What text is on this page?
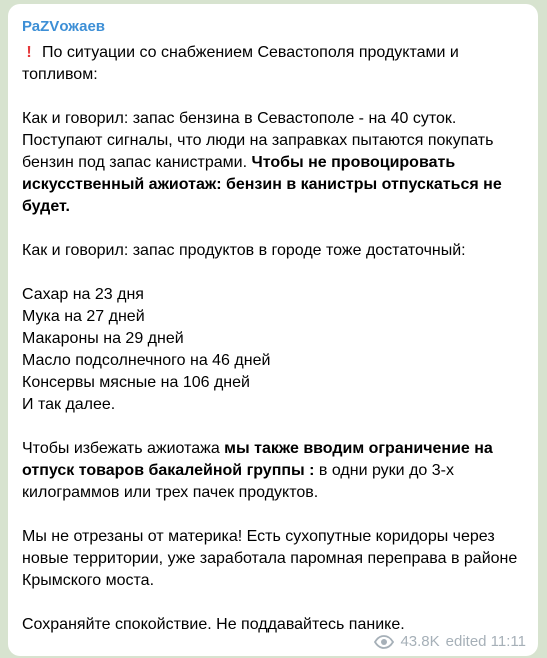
РаZVожаев

! По ситуации со снабжением Севастополя продуктами и

топливом:

Как и говорил: запас бензина в Севастополе - на 40 суток. Поступают сигналы, что люди на заправках пытаются покупать бензин под запас канистрами. Чтобы не провоцировать искусственный ажиотаж: бензин в канистры отпускаться не будет.

Как и говорил: запас продуктов в городе тоже достаточный:

Сахар на 23 дня

Мука на 27 дней

Макароны на 29 дней

Масло подсолнечного на 46 дней

Консервы мясные на 106 дней

И так далее.

Чтобы избежать ажиотажа мы также вводим ограничение на отпуск товаров бакалейной группы : в одни руки до 3-х килограммов или трех пачек продуктов.

Мы не отрезаны от материка! Есть сухопутные коридоры через новые территории, уже заработала паромная переправа в районе Крымского моста.

Сохраняйте спокойствие. Не поддавайтесь панике.

43.8K edited 11:11
